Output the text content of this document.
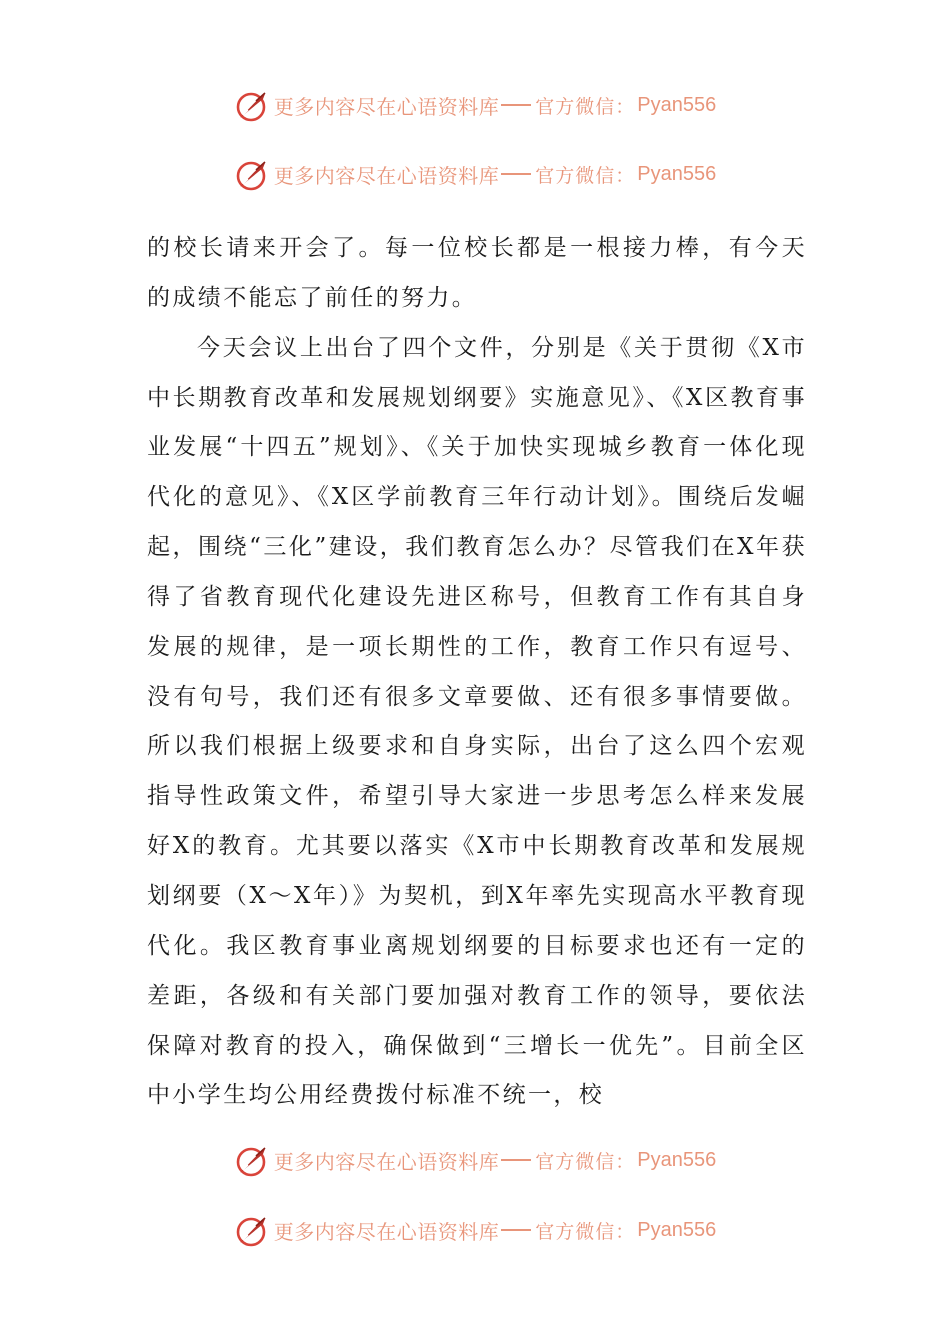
更多内容尽在心语资料库 官方微信： Pyan556
更多内容尽在心语资料库 官方微信： Pyan556

的校长请来开会了。每一位校长都是一根接力棒，有今天的成绩不能忘了前任的努力。

今天会议上出台了四个文件，分别是《关于贯彻《X市中长期教育改革和发展规划纲要》实施意见》、《X区教育事业发展“十四五”规划》、《关于加快实现城乡教育一体化现代化的意见》、《X区学前教育三年行动计划》。围绕后发崛起，围绕“三化”建设，我们教育怎么办？尽管我们在X年获得了省教育现代化建设先进区称号，但教育工作有其自身发展的规律，是一项长期性的工作，教育工作只有逗号、没有句号，我们还有很多文章要做、还有很多事情要做。所以我们根据上级要求和自身实际，出台了这么四个宏观指导性政策文件，希望引导大家进一步思考怎么样来发展好X的教育。尤其要以落实《X市中长期教育改革和发展规划纲要（X～X年）》为契机，到X年率先实现高水平教育现代化。我区教育事业离规划纲要的目标要求也还有一定的差距，各级和有关部门要加强对教育工作的领导，要依法保障对教育的投入，确保做到“三增长一优先”。目前全区中小学生均公用经费拨付标准不统一，校

更多内容尽在心语资料库 官方微信： Pyan556
更多内容尽在心语资料库 官方微信： Pyan556
